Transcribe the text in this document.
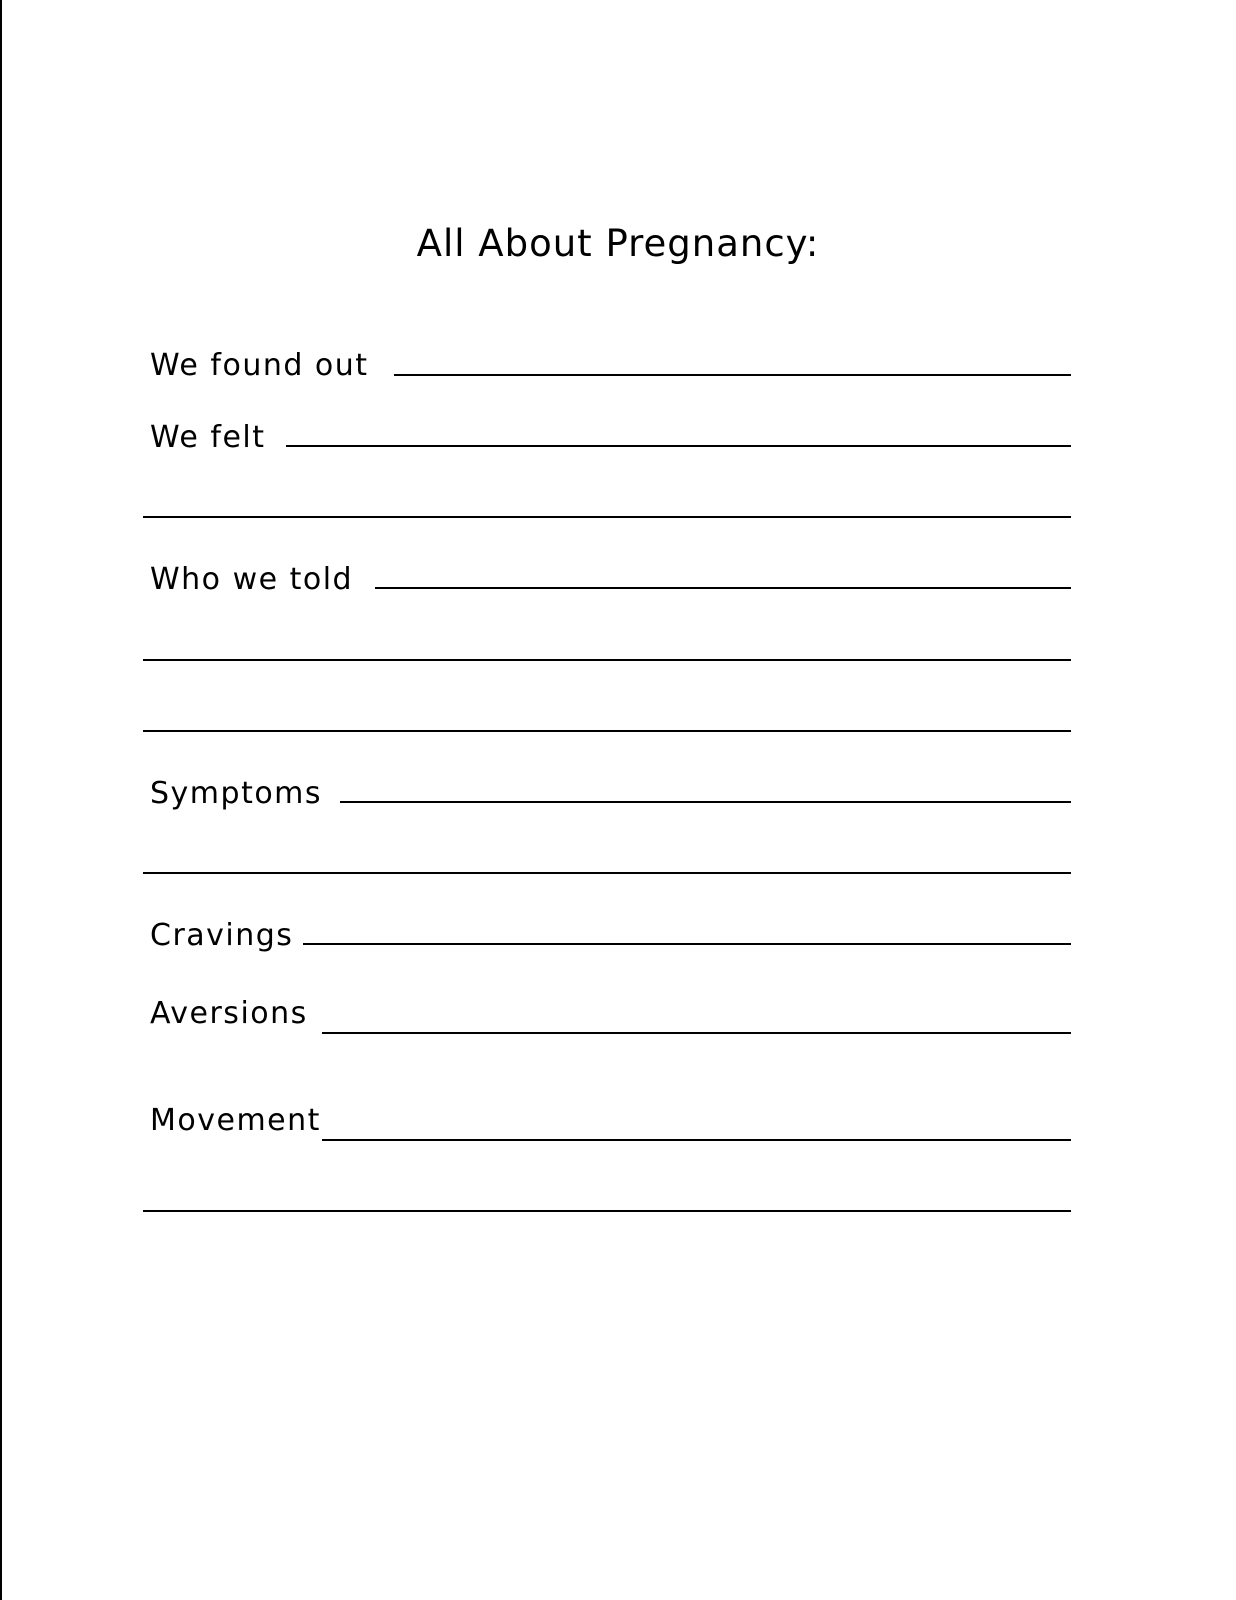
All About Pregnancy:
We found out
We felt
Who we told
Symptoms
Cravings
Aversions
Movement
